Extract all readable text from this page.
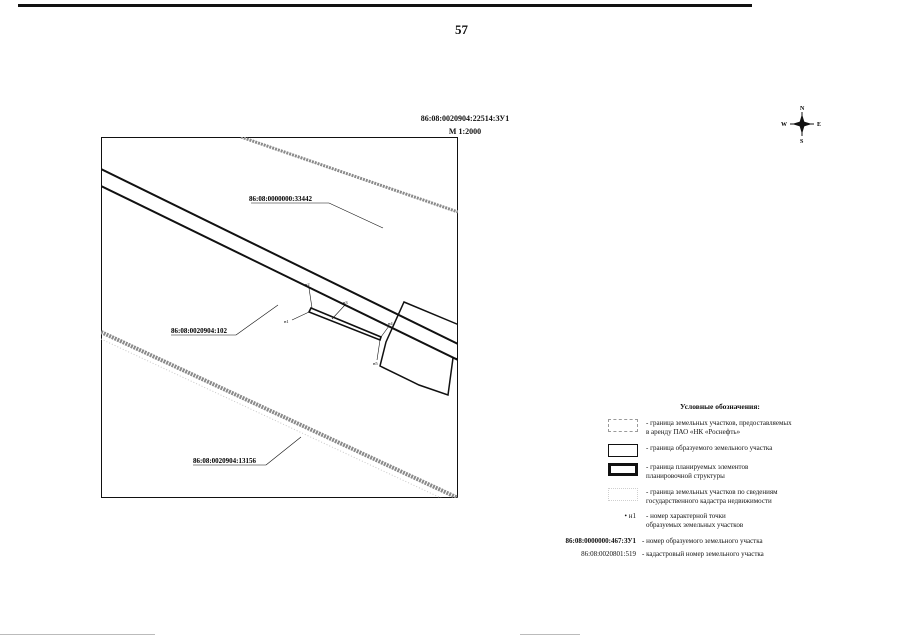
57
86:08:0020904:22514:ЗУ1
М 1:2000
N
S
W	E
н2
н1
н3
н4
н5
86:08:0000000:33442
86:08:0020904:102
86:08:0020904:13156
Условные обозначения:
- граница земельных участков, предоставляемых
в аренду ПАО «НК «Роснефть»
- граница образуемого земельного участка
- граница планируемых элементов
планировочной структуры
- граница земельных участков по сведениям
государственного кадастра недвижимости
• н1 - номер характерной точки
образуемых земельных участков
86:08:0000000:467:ЗУ1 - номер образуемого земельного участка
86:08:0020801:519 - кадастровый номер земельного участка
